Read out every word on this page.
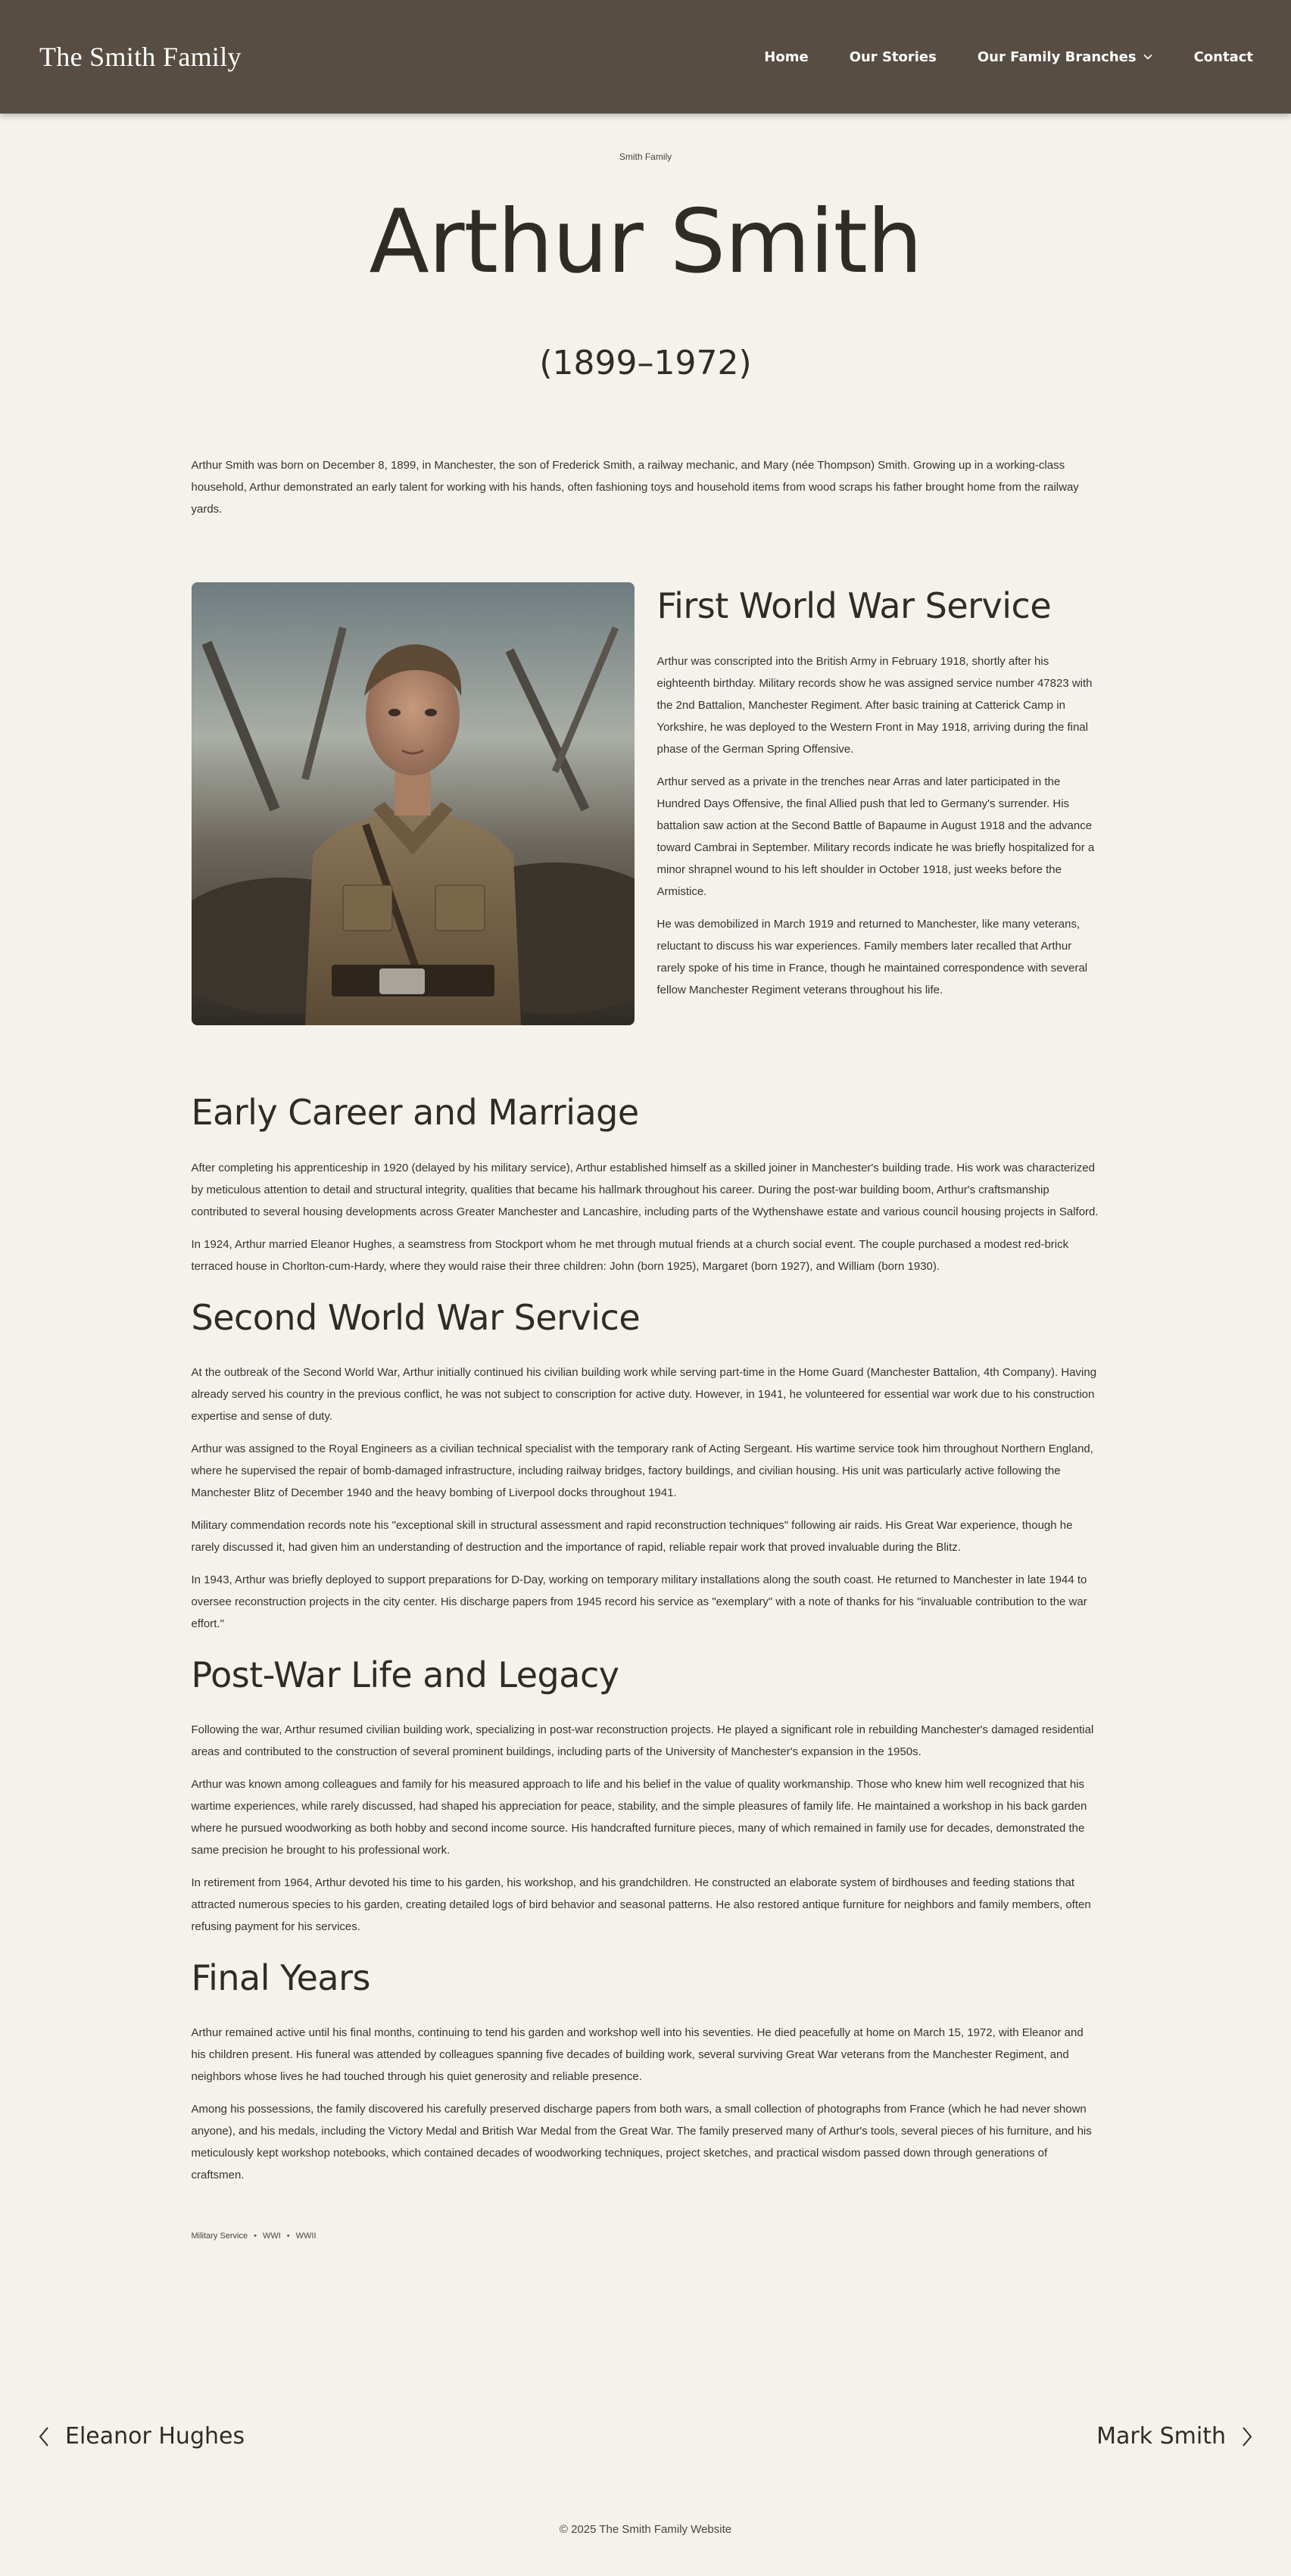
The Smith Family	Home	Our Stories	Our Family Branches	Contact
Smith Family
Arthur Smith
(1899–1972)

Arthur Smith was born on December 8, 1899, in Manchester, the son of Frederick Smith, a railway mechanic, and Mary (née Thompson) Smith. Growing up in a working-class household, Arthur demonstrated an early talent for working with his hands, often fashioning toys and household items from wood scraps his father brought home from the railway yards.

First World War Service

Arthur was conscripted into the British Army in February 1918, shortly after his eighteenth birthday. Military records show he was assigned service number 47823 with the 2nd Battalion, Manchester Regiment. After basic training at Catterick Camp in Yorkshire, he was deployed to the Western Front in May 1918, arriving during the final phase of the German Spring Offensive.

Arthur served as a private in the trenches near Arras and later participated in the Hundred Days Offensive, the final Allied push that led to Germany's surrender. His battalion saw action at the Second Battle of Bapaume in August 1918 and the advance toward Cambrai in September. Military records indicate he was briefly hospitalized for a minor shrapnel wound to his left shoulder in October 1918, just weeks before the Armistice.

He was demobilized in March 1919 and returned to Manchester, like many veterans, reluctant to discuss his war experiences. Family members later recalled that Arthur rarely spoke of his time in France, though he maintained correspondence with several fellow Manchester Regiment veterans throughout his life.

Early Career and Marriage

After completing his apprenticeship in 1920 (delayed by his military service), Arthur established himself as a skilled joiner in Manchester's building trade. His work was characterized by meticulous attention to detail and structural integrity, qualities that became his hallmark throughout his career. During the post-war building boom, Arthur's craftsmanship contributed to several housing developments across Greater Manchester and Lancashire, including parts of the Wythenshawe estate and various council housing projects in Salford.

In 1924, Arthur married Eleanor Hughes, a seamstress from Stockport whom he met through mutual friends at a church social event. The couple purchased a modest red-brick terraced house in Chorlton-cum-Hardy, where they would raise their three children: John (born 1925), Margaret (born 1927), and William (born 1930).

Second World War Service

At the outbreak of the Second World War, Arthur initially continued his civilian building work while serving part-time in the Home Guard (Manchester Battalion, 4th Company). Having already served his country in the previous conflict, he was not subject to conscription for active duty. However, in 1941, he volunteered for essential war work due to his construction expertise and sense of duty.

Arthur was assigned to the Royal Engineers as a civilian technical specialist with the temporary rank of Acting Sergeant. His wartime service took him throughout Northern England, where he supervised the repair of bomb-damaged infrastructure, including railway bridges, factory buildings, and civilian housing. His unit was particularly active following the Manchester Blitz of December 1940 and the heavy bombing of Liverpool docks throughout 1941.

Military commendation records note his "exceptional skill in structural assessment and rapid reconstruction techniques" following air raids. His Great War experience, though he rarely discussed it, had given him an understanding of destruction and the importance of rapid, reliable repair work that proved invaluable during the Blitz.

In 1943, Arthur was briefly deployed to support preparations for D-Day, working on temporary military installations along the south coast. He returned to Manchester in late 1944 to oversee reconstruction projects in the city center. His discharge papers from 1945 record his service as "exemplary" with a note of thanks for his "invaluable contribution to the war effort."

Post-War Life and Legacy

Following the war, Arthur resumed civilian building work, specializing in post-war reconstruction projects. He played a significant role in rebuilding Manchester's damaged residential areas and contributed to the construction of several prominent buildings, including parts of the University of Manchester's expansion in the 1950s.

Arthur was known among colleagues and family for his measured approach to life and his belief in the value of quality workmanship. Those who knew him well recognized that his wartime experiences, while rarely discussed, had shaped his appreciation for peace, stability, and the simple pleasures of family life. He maintained a workshop in his back garden where he pursued woodworking as both hobby and second income source. His handcrafted furniture pieces, many of which remained in family use for decades, demonstrated the same precision he brought to his professional work.

In retirement from 1964, Arthur devoted his time to his garden, his workshop, and his grandchildren. He constructed an elaborate system of birdhouses and feeding stations that attracted numerous species to his garden, creating detailed logs of bird behavior and seasonal patterns. He also restored antique furniture for neighbors and family members, often refusing payment for his services.

Final Years

Arthur remained active until his final months, continuing to tend his garden and workshop well into his seventies. He died peacefully at home on March 15, 1972, with Eleanor and his children present. His funeral was attended by colleagues spanning five decades of building work, several surviving Great War veterans from the Manchester Regiment, and neighbors whose lives he had touched through his quiet generosity and reliable presence.

Among his possessions, the family discovered his carefully preserved discharge papers from both wars, a small collection of photographs from France (which he had never shown anyone), and his medals, including the Victory Medal and British War Medal from the Great War. The family preserved many of Arthur's tools, several pieces of his furniture, and his meticulously kept workshop notebooks, which contained decades of woodworking techniques, project sketches, and practical wisdom passed down through generations of craftsmen.

Military Service • WWI • WWII
Eleanor Hughes	Mark Smith
© 2025 The Smith Family Website
